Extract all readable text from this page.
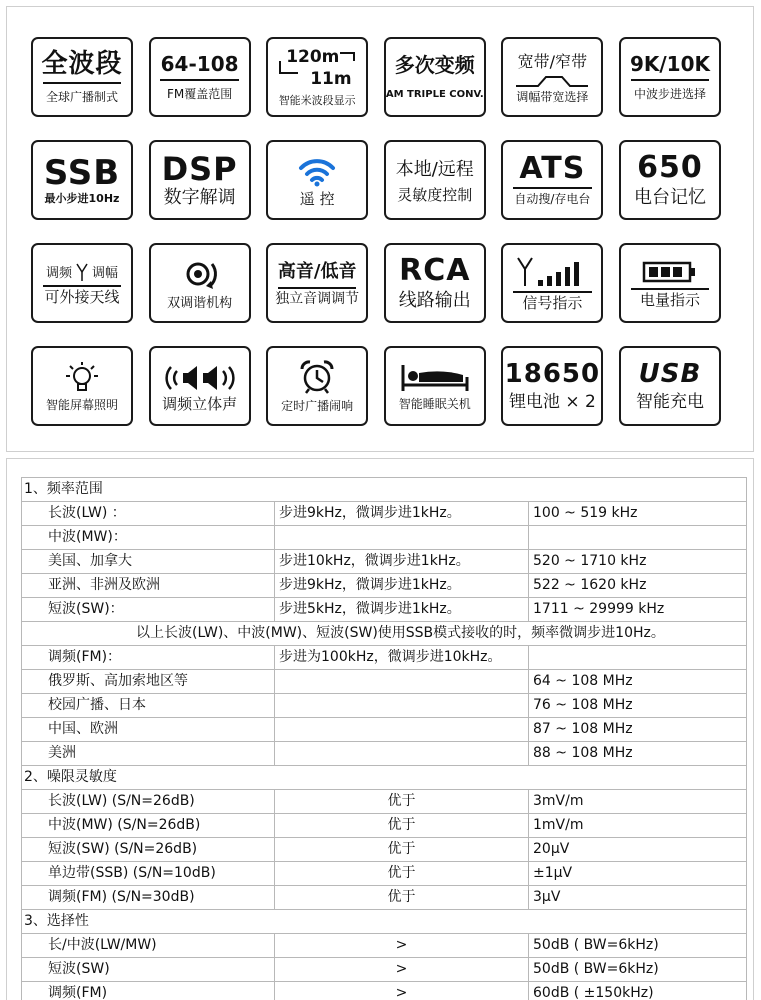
全波段
全球广播制式
64-108
FM覆盖范围
120m
11m
智能米波段显示
多次变频
AM TRIPLE CONV.
宽带/窄带
调幅带宽选择
9K/10K
中波步进选择
SSB
最小步进10Hz
DSP
数字解调	遥 控
本地/远程
灵敏度控制
ATS
自动搜/存电台
650
电台记忆
调频 调幅
可外接天线	双调谐机构
高音/低音
独立音调调节
RCA
线路输出	信号指示	电量指示
智能屏幕照明	调频立体声	定时广播闹响	智能睡眠关机
18650
锂电池 × 2
USB
智能充电
1、频率范围		
长波(LW) ：	步进9kHz，微调步进1kHz。	100 ~ 519 kHz
中波(MW)：		
美国、加拿大	步进10kHz，微调步进1kHz。	520 ~ 1710 kHz
亚洲、非洲及欧洲	步进9kHz，微调步进1kHz。	522 ~ 1620 kHz
短波(SW)：	步进5kHz，微调步进1kHz。	1711 ~ 29999 kHz
以上长波(LW)、中波(MW)、短波(SW)使用SSB模式接收的时，频率微调步进10Hz。		
调频(FM)：	步进为100kHz，微调步进10kHz。	
俄罗斯、高加索地区等		64 ~ 108 MHz
校园广播、日本		76 ~ 108 MHz
中国、欧洲		87 ~ 108 MHz
美洲		88 ~ 108 MHz
2、噪限灵敏度		
长波(LW) (S/N=26dB)	优于	3mV/m
中波(MW) (S/N=26dB)	优于	1mV/m
短波(SW) (S/N=26dB)	优于	20μV
单边带(SSB) (S/N=10dB)	优于	±1μV
调频(FM) (S/N=30dB)	优于	3μV
3、选择性		
长/中波(LW/MW)	>	50dB ( BW=6kHz)
短波(SW)	>	50dB ( BW=6kHz)
调频(FM)	>	60dB ( ±150kHz)
